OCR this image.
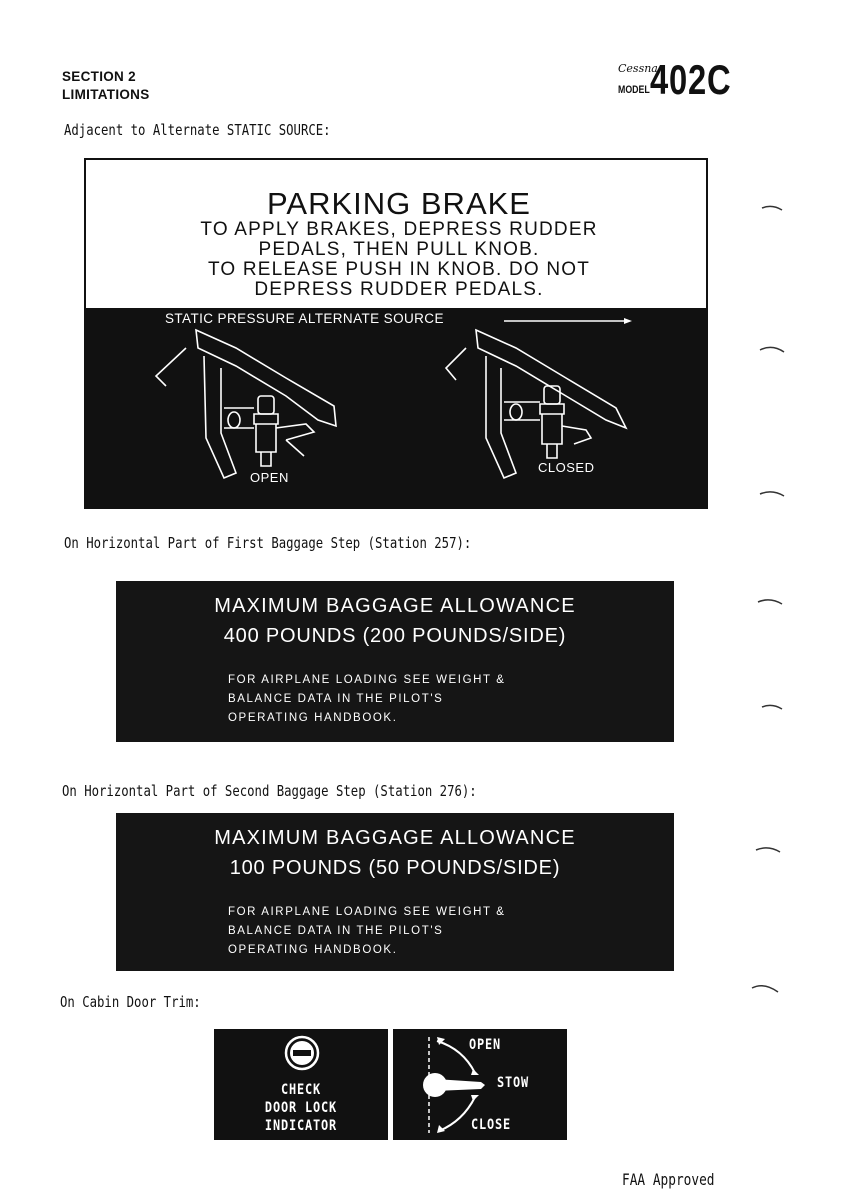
SECTION 2
LIMITATIONS
Cessna
MODEL 402C
Adjacent to Alternate STATIC SOURCE:
PARKING BRAKE
TO APPLY BRAKES, DEPRESS RUDDER
PEDALS, THEN PULL KNOB.
TO RELEASE PUSH IN KNOB. DO NOT
DEPRESS RUDDER PEDALS.
STATIC PRESSURE ALTERNATE SOURCE
OPEN
CLOSED
On Horizontal Part of First Baggage Step (Station 257):
MAXIMUM BAGGAGE ALLOWANCE
400 POUNDS (200 POUNDS/SIDE)
FOR AIRPLANE LOADING SEE WEIGHT &
BALANCE DATA IN THE PILOT'S
OPERATING HANDBOOK.
On Horizontal Part of Second Baggage Step (Station 276):
MAXIMUM BAGGAGE ALLOWANCE
100 POUNDS (50 POUNDS/SIDE)
FOR AIRPLANE LOADING SEE WEIGHT &
BALANCE DATA IN THE PILOT'S
OPERATING HANDBOOK.
On Cabin Door Trim:
CHECK
DOOR LOCK
INDICATOR
OPEN
STOW
CLOSE
FAA Approved
